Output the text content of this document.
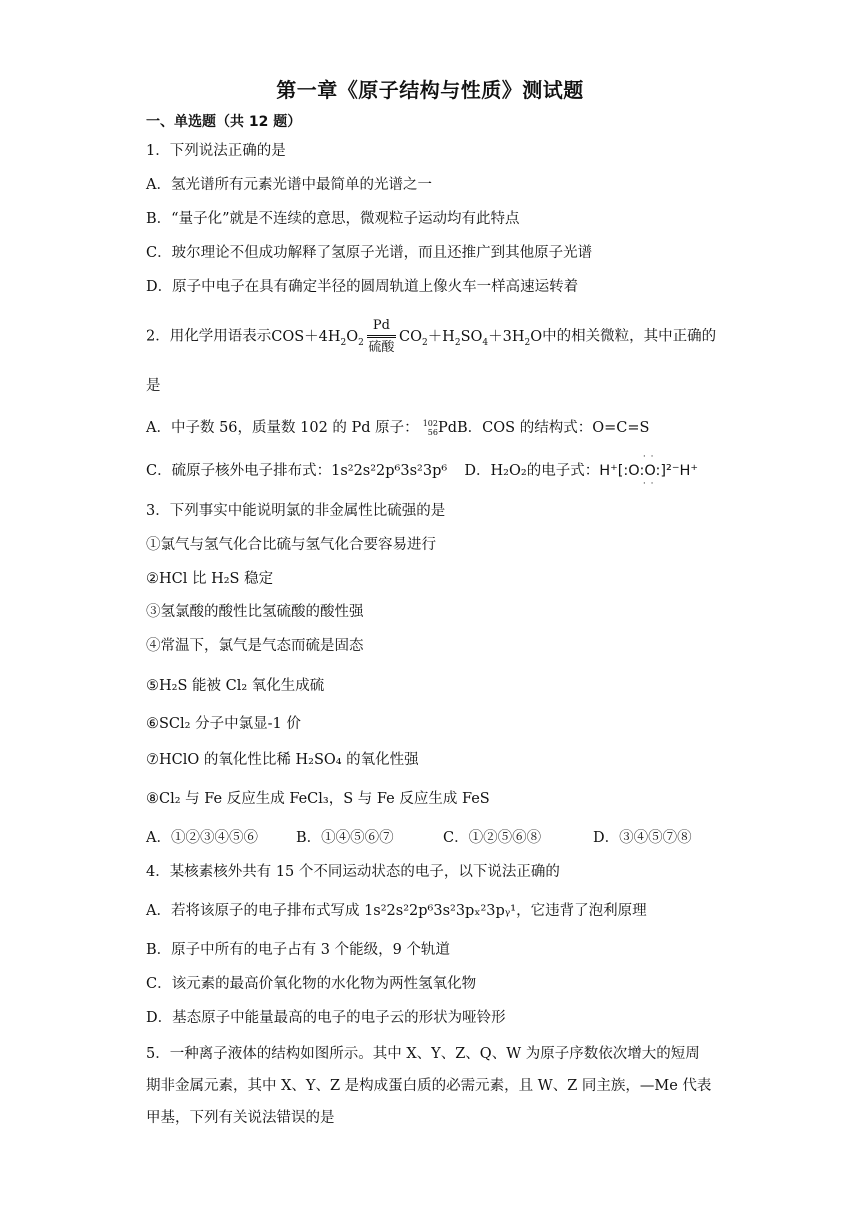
第一章《原子结构与性质》测试题
一、单选题（共 12 题）
1．下列说法正确的是
A．氢光谱所有元素光谱中最简单的光谱之一
B．“量子化”就是不连续的意思，微观粒子运动均有此特点
C．玻尔理论不但成功解释了氢原子光谱，而且还推广到其他原子光谱
D．原子中电子在具有确定半径的圆周轨道上像火车一样高速运转着
2．用化学用语表示$COS+4H_2O_2 \frac{Pd}{\text{硫酸}} CO_2+H_2SO_4+3H_2O$中的相关微粒，其中正确的
是
A．中子数 56，质量数 102 的 Pd 原子： 102
56PdB．COS 的结构式：O=C=S
C．硫原子核外电子排布式：1s²2s²2p⁶3s²3p⁶ D．H₂O₂的电子式：· · H⁺[:O:O:]²⁻H⁺ · ·
3．下列事实中能说明氯的非金属性比硫强的是
①氯气与氢气化合比硫与氢气化合要容易进行
②HCl 比 H₂S 稳定
③氢氯酸的酸性比氢硫酸的酸性强
④常温下，氯气是气态而硫是固态
⑤H₂S 能被 Cl₂ 氧化生成硫
⑥SCl₂ 分子中氯显-1 价
⑦HClO 的氧化性比稀 H₂SO₄ 的氧化性强
⑧Cl₂ 与 Fe 反应生成 FeCl₃，S 与 Fe 反应生成 FeS
A．①②③④⑤⑥	B．①④⑤⑥⑦	C．①②⑤⑥⑧	D．③④⑤⑦⑧
4．某核素核外共有 15 个不同运动状态的电子，以下说法正确的
A．若将该原子的电子排布式写成 1s²2s²2p⁶3s²3pₓ²3pᵧ¹，它违背了泡利原理
B．原子中所有的电子占有 3 个能级，9 个轨道
C．该元素的最高价氧化物的水化物为两性氢氧化物
D．基态原子中能量最高的电子的电子云的形状为哑铃形
5．一种离子液体的结构如图所示。其中 X、Y、Z、Q、W 为原子序数依次增大的短周期非金属元素，其中 X、Y、Z 是构成蛋白质的必需元素，且 W、Z 同主族，—Me 代表甲基，下列有关说法错误的是
